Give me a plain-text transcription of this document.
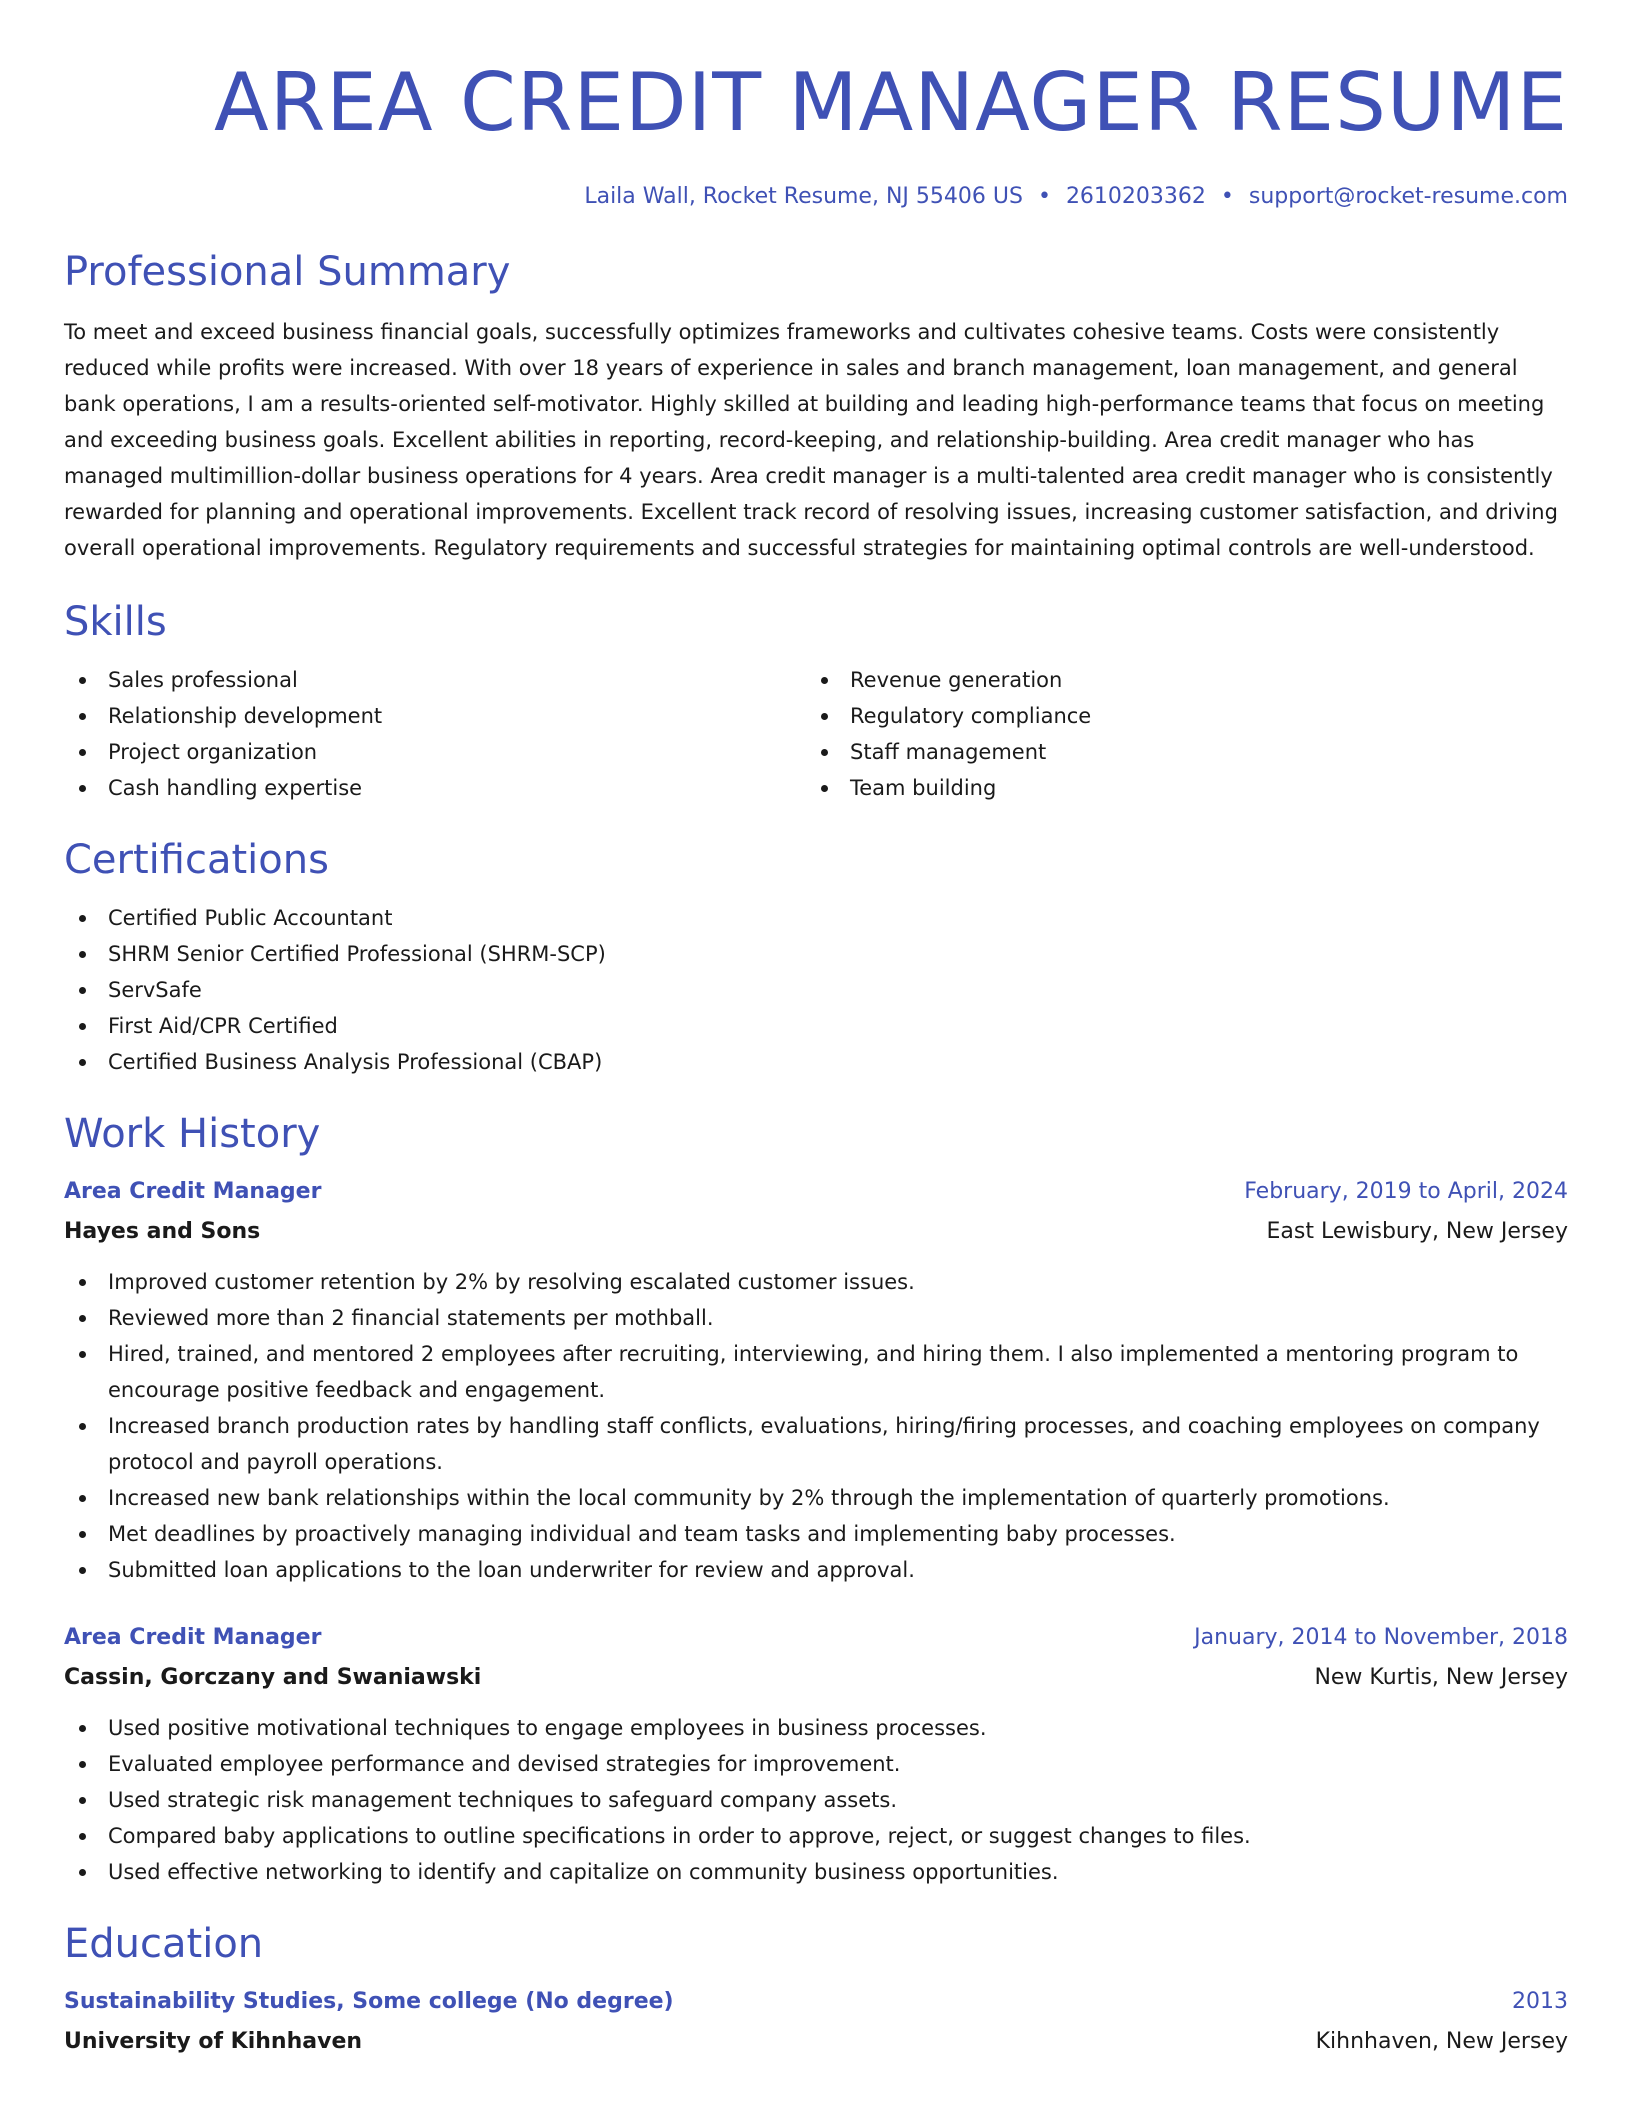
AREA CREDIT MANAGER RESUME
Laila Wall, Rocket Resume, NJ 55406 US • 2610203362 • support@rocket-resume.com
Professional Summary

To meet and exceed business financial goals, successfully optimizes frameworks and cultivates cohesive teams. Costs were consistently reduced while profits were increased. With over 18 years of experience in sales and branch management, loan management, and general bank operations, I am a results-oriented self-motivator. Highly skilled at building and leading high-performance teams that focus on meeting and exceeding business goals. Excellent abilities in reporting, record-keeping, and relationship-building. Area credit manager who has managed multimillion-dollar business operations for 4 years. Area credit manager is a multi-talented area credit manager who is consistently rewarded for planning and operational improvements. Excellent track record of resolving issues, increasing customer satisfaction, and driving overall operational improvements. Regulatory requirements and successful strategies for maintaining optimal controls are well-understood.

Skills
Sales professional
Relationship development
Project organization
Cash handling expertise
Revenue generation
Regulatory compliance
Staff management
Team building
Certifications
Certified Public Accountant
SHRM Senior Certified Professional (SHRM-SCP)
ServSafe
First Aid/CPR Certified
Certified Business Analysis Professional (CBAP)
Work History
Area Credit Manager	February, 2019 to April, 2024
Hayes and Sons	East Lewisbury, New Jersey
Improved customer retention by 2% by resolving escalated customer issues.
Reviewed more than 2 financial statements per mothball.
Hired, trained, and mentored 2 employees after recruiting, interviewing, and hiring them. I also implemented a mentoring program to encourage positive feedback and engagement.
Increased branch production rates by handling staff conflicts, evaluations, hiring/firing processes, and coaching employees on company protocol and payroll operations.
Increased new bank relationships within the local community by 2% through the implementation of quarterly promotions.
Met deadlines by proactively managing individual and team tasks and implementing baby processes.
Submitted loan applications to the loan underwriter for review and approval.
Area Credit Manager	January, 2014 to November, 2018
Cassin, Gorczany and Swaniawski	New Kurtis, New Jersey
Used positive motivational techniques to engage employees in business processes.
Evaluated employee performance and devised strategies for improvement.
Used strategic risk management techniques to safeguard company assets.
Compared baby applications to outline specifications in order to approve, reject, or suggest changes to files.
Used effective networking to identify and capitalize on community business opportunities.
Education
Sustainability Studies, Some college (No degree)	2013
University of Kihnhaven	Kihnhaven, New Jersey
